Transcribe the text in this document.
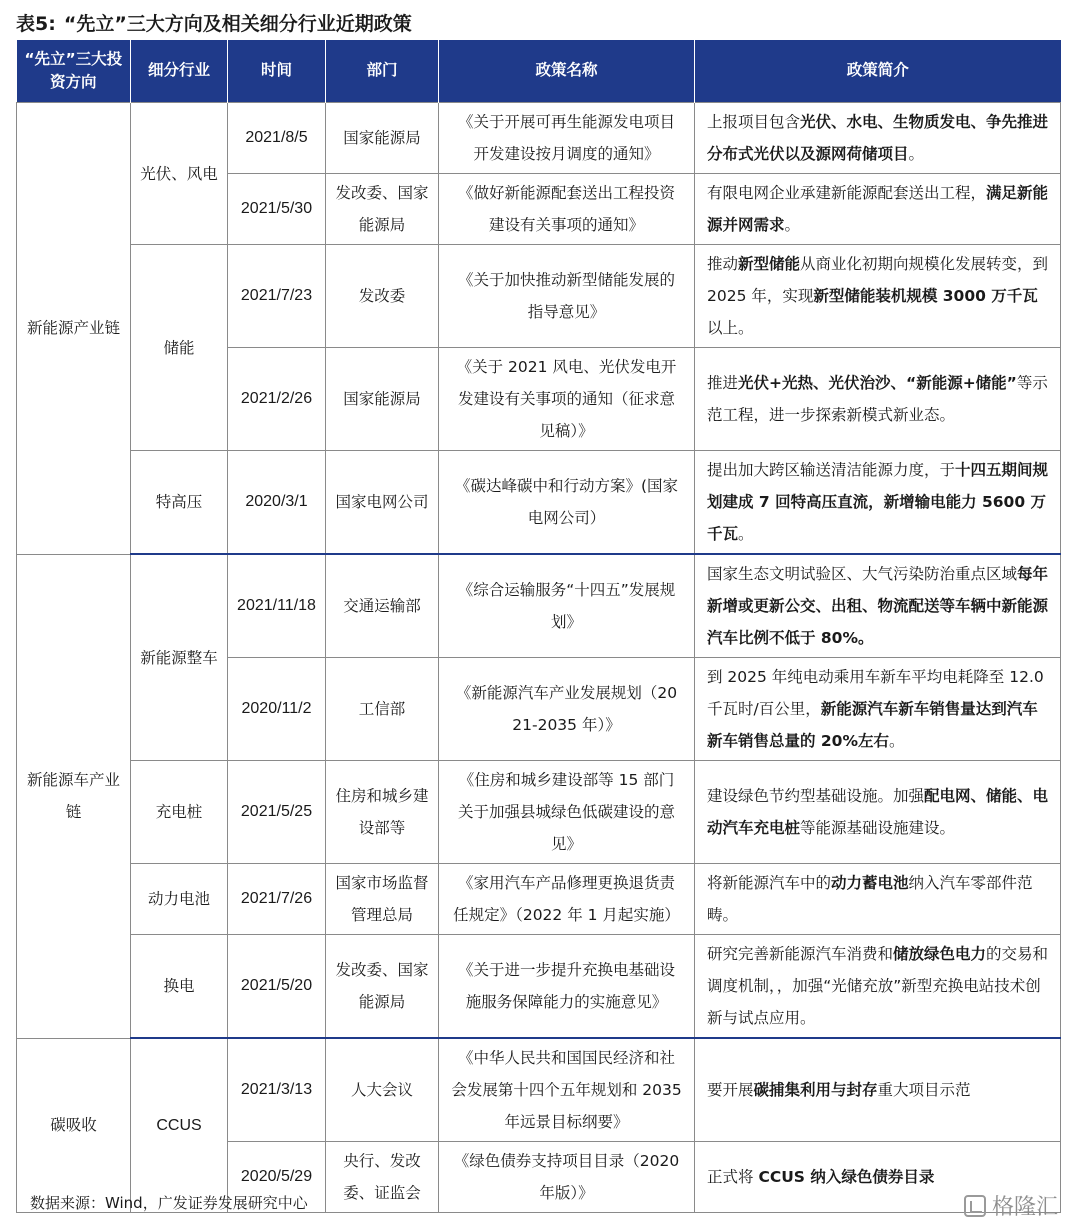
表5: “先立”三大方向及相关细分行业近期政策
“先立”三大投资方向	细分行业	时间	部门	政策名称	政策简介
新能源产业链	光伏、风电	2021/8/5	国家能源局	《关于开展可再生能源发电项目开发建设按月调度的通知》	上报项目包含光伏、水电、生物质发电、争先推进分布式光伏以及源网荷储项目。
		2021/5/30	发改委、国家能源局	《做好新能源配套送出工程投资建设有关事项的通知》	有限电网企业承建新能源配套送出工程，满足新能源并网需求。
	储能	2021/7/23	发改委	《关于加快推动新型储能发展的指导意见》	推动新型储能从商业化初期向规模化发展转变，到 2025 年，实现新型储能装机规模 3000 万千瓦以上。
		2021/2/26	国家能源局	《关于 2021 风电、光伏发电开发建设有关事项的通知（征求意见稿）》	推进光伏+光热、光伏治沙、“新能源+储能”等示范工程，进一步探索新模式新业态。
	特高压	2020/3/1	国家电网公司	《碳达峰碳中和行动方案》(国家电网公司）	提出加大跨区输送清洁能源力度，于十四五期间规划建成 7 回特高压直流，新增输电能力 5600 万千瓦。
新能源车产业链	新能源整车	2021/11/18	交通运输部	《综合运输服务“十四五”发展规划》	国家生态文明试验区、大气污染防治重点区域每年新增或更新公交、出租、物流配送等车辆中新能源汽车比例不低于 80%。
		2020/11/2	工信部	《新能源汽车产业发展规划（2021-2035 年）》	到 2025 年纯电动乘用车新车平均电耗降至 12.0 千瓦时/百公里，新能源汽车新车销售量达到汽车新车销售总量的 20%左右。
	充电桩	2021/5/25	住房和城乡建设部等	《住房和城乡建设部等 15 部门关于加强县城绿色低碳建设的意见》	建设绿色节约型基础设施。加强配电网、储能、电动汽车充电桩等能源基础设施建设。
	动力电池	2021/7/26	国家市场监督管理总局	《家用汽车产品修理更换退货责任规定》（2022 年 1 月起实施）	将新能源汽车中的动力蓄电池纳入汽车零部件范畴。
	换电	2021/5/20	发改委、国家能源局	《关于进一步提升充换电基础设施服务保障能力的实施意见》	研究完善新能源汽车消费和储放绿色电力的交易和调度机制，，加强“光储充放”新型充换电站技术创新与试点应用。
碳吸收	CCUS	2021/3/13	人大会议	《中华人民共和国国民经济和社会发展第十四个五年规划和 2035 年远景目标纲要》	要开展碳捕集利用与封存重大项目示范
		2020/5/29	央行、发改委、证监会	《绿色债券支持项目目录（2020 年版）》	正式将 CCUS 纳入绿色债券目录
数据来源：Wind，广发证券发展研究中心	格隆汇
